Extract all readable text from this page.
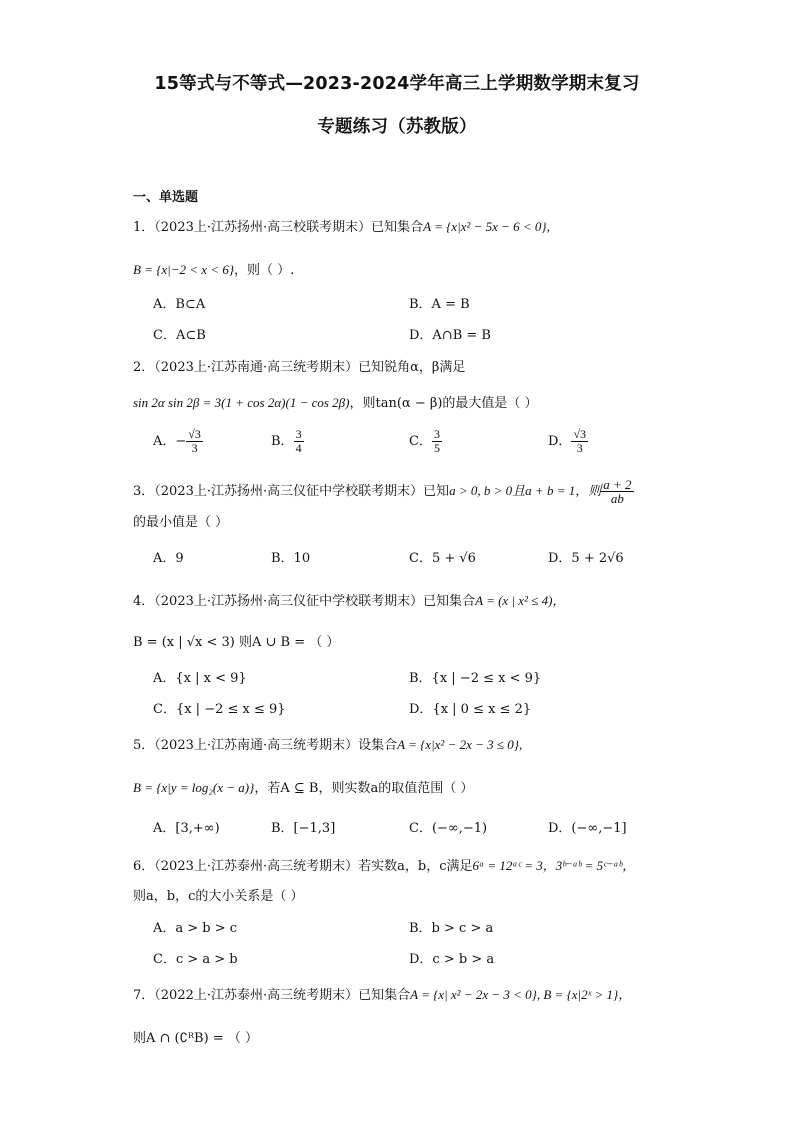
15等式与不等式—2023-2024学年高三上学期数学期末复习
专题练习（苏教版）
一、单选题
1．（2023上·江苏扬州·高三校联考期末）已知集合A = {x|x² − 5x − 6 < 0},
B = {x|−2 < x < 6}，则（ ）.
A．B⊂A	B．A = B
C．A⊂B	D．A∩B = B
2．（2023上·江苏南通·高三统考期末）已知锐角α，β满足
sin 2α sin 2β = 3(1 + cos 2α)(1 − cos 2β)，则tan(α − β)的最大值是（ ）
A．− $\frac{√3}{3}$	B． $\frac{3}{4}$	C． $\frac{3}{5}$	D． $\frac{√3}{3}$
3．（2023上·江苏扬州·高三仪征中学校联考期末）已知a > 0, b > 0且a + b = 1，则 $\frac{a + 2}{ab}$
的最小值是（ ）
A．9	B．10	C．5 + √6	D．5 + 2√6
4．（2023上·江苏扬州·高三仪征中学校联考期末）已知集合A = (x | x² ≤ 4)，
B = (x | √x < 3) 则A ∪ B = （ ）
A．{x | x < 9}	B．{x | −2 ≤ x < 9}
C．{x | −2 ≤ x ≤ 9}	D．{x | 0 ≤ x ≤ 2}
5．（2023上·江苏南通·高三统考期末）设集合A = {x|x² − 2x − 3 ≤ 0},
B = {x|y = log₂(x − a)}，若A ⊆ B，则实数a的取值范围（ ）
A．[3,+∞)	B．[−1,3]	C．(−∞,−1)	D．(−∞,−1]
6．（2023上·江苏泰州·高三统考期末）若实数a，b，c满足6ᵃ = 12ᵃᶜ = 3，3ᵇ⁻ᵃᵇ = 5ᶜ⁻ᵃᵇ，
则a，b，c的大小关系是（ ）
A．a > b > c	B．b > c > a
C．c > a > b	D．c > b > a
7．（2022上·江苏泰州·高三统考期末）已知集合A = {x| x² − 2x − 3 < 0}, B = {x|2ˣ > 1}，
则A ∩ (∁ᴿB) = （ ）
